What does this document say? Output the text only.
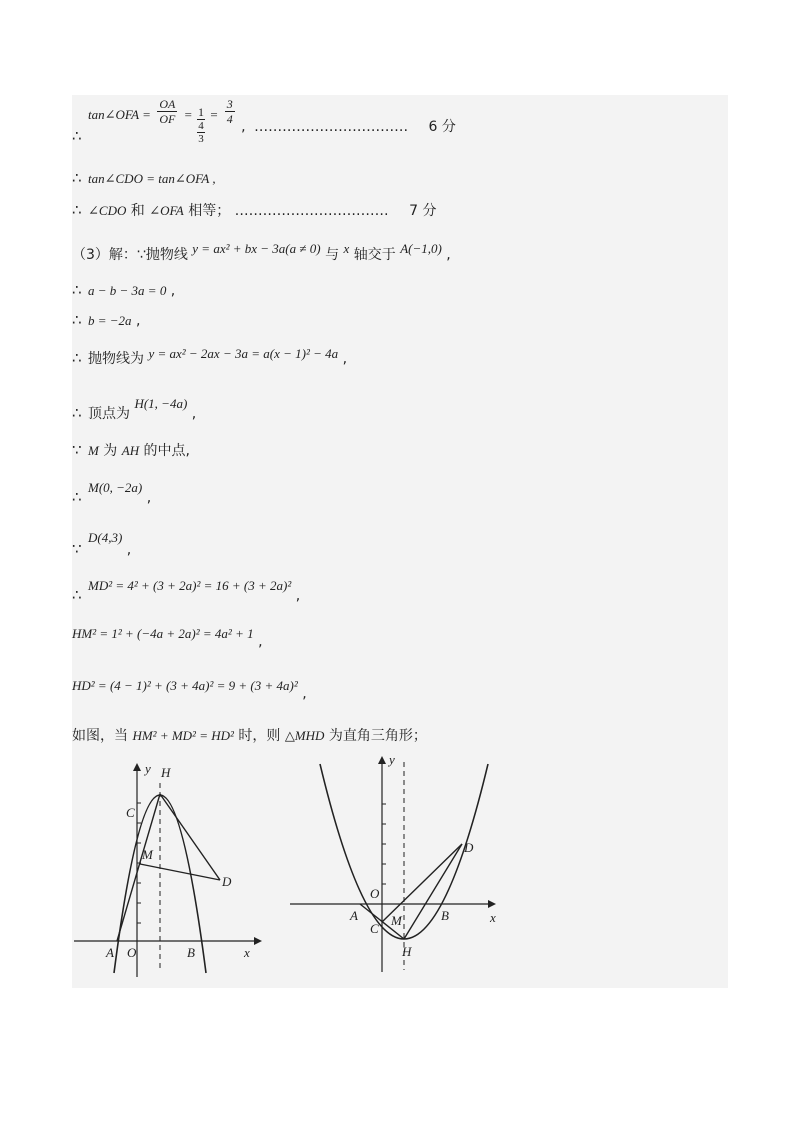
∴ tan∠OFA = $\frac{OA}{OF} = \frac{1}{\frac{4}{3}} = \frac{3}{4}$
, …………………………… 6 分
∴ tan∠CDO = tan∠OFA ,
∴ ∠CDO 和 ∠OFA 相等； …………………………… 7 分
（3）解：∵抛物线 y = ax² + bx − 3a(a ≠ 0) 与 x 轴交于 A(−1,0) ,
∴ a − b − 3a = 0 ,
∴ b = −2a ,
∴ 抛物线为 y = ax² − 2ax − 3a = a(x − 1)² − 4a ,
∴ 顶点为 H(1, −4a) ,
∵ M 为 AH 的中点,
∴ M(0, −2a) ,
∵ D(4,3) ,
∴ MD² = 4² + (3 + 2a)² = 16 + (3 + 2a)² ,
HM² = 1² + (−4a + 2a)² = 4a² + 1 ,
HD² = (4 − 1)² + (3 + 4a)² = 9 + (3 + 4a)² ,
如图，当 HM² + MD² = HD² 时，则 △MHD 为直角三角形；
y H
C
M
D
A O	B	x
y
D
O
A	M	B	x
C
H
